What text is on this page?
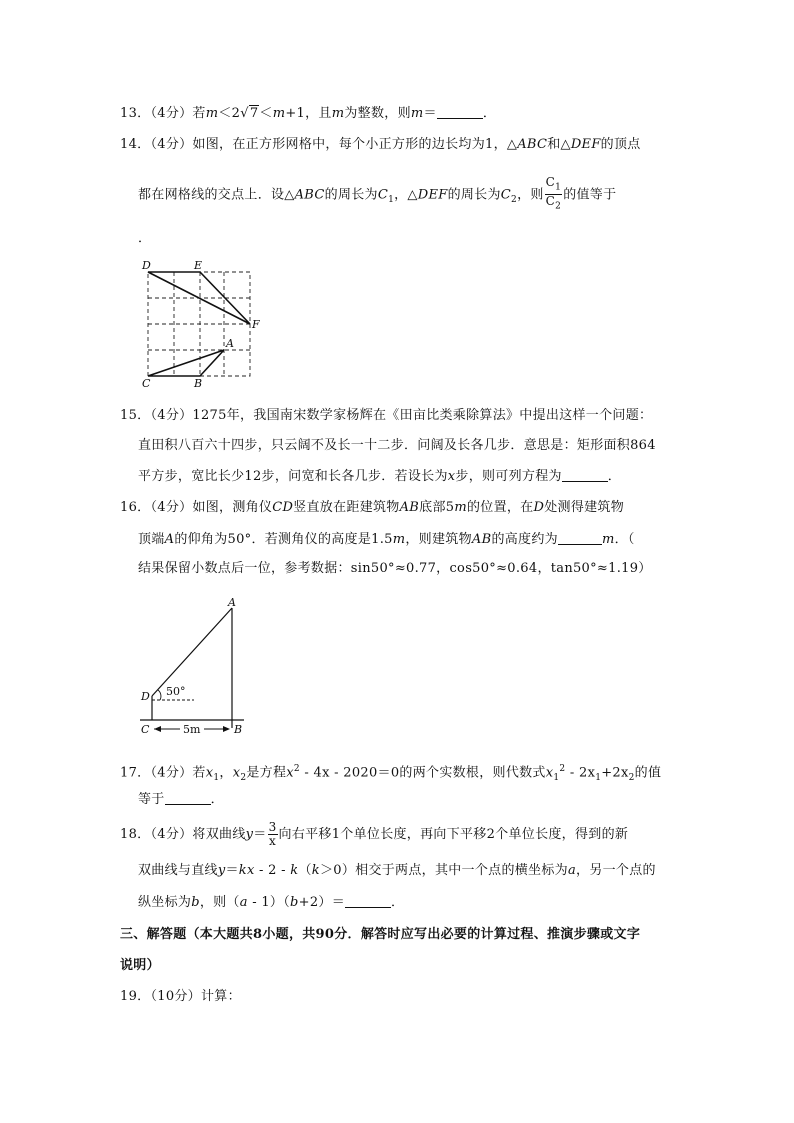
13．（4分）若m＜2√7＜m+1，且m为整数，则m＝	．
14．（4分）如图，在正方形网格中，每个小正方形的边长均为1，△ABC和△DEF的顶点
都在网格线的交点上．设△ABC的周长为$C_1$，△DEF的周长为$C_2$，则 $\frac{C_1}{C_2}$ 的值等于
．
D	E
F
A
B
C
15．（4分）1275年，我国南宋数学家杨辉在《田亩比类乘除算法》中提出这样一个问题：
直田积八百六十四步，只云阔不及长一十二步．问阔及长各几步．意思是：矩形面积864
平方步，宽比长少12步，问宽和长各几步．若设长为x步，则可列方程为	．
16．（4分）如图，测角仪CD竖直放在距建筑物AB底部5m的位置，在D处测得建筑物
顶端A的仰角为50°．若测角仪的高度是1.5m，则建筑物AB的高度约为	m．（
结果保留小数点后一位，参考数据：sin50°≈0.77，cos50°≈0.64，tan50°≈1.19）
A
B
C
D 50°
5m
17．（4分）若$x_1$，$x_2$是方程$x^2 - 4x - 2020=0$的两个实数根，则代数式$x_1^2 - 2x_1+2x_2$的值
等于	．
18．（4分）将双曲线$y= \frac{3}{x}$ 向右平移1个单位长度，再向下平移2个单位长度，得到的新
双曲线与直线y＝kx - 2 - k（k＞0）相交于两点，其中一个点的横坐标为a，另一个点的
纵坐标为b，则（a - 1）（b+2）＝	．
三、解答题（本大题共8小题，共90分．解答时应写出必要的计算过程、推演步骤或文字
说明）
19．（10分）计算：
